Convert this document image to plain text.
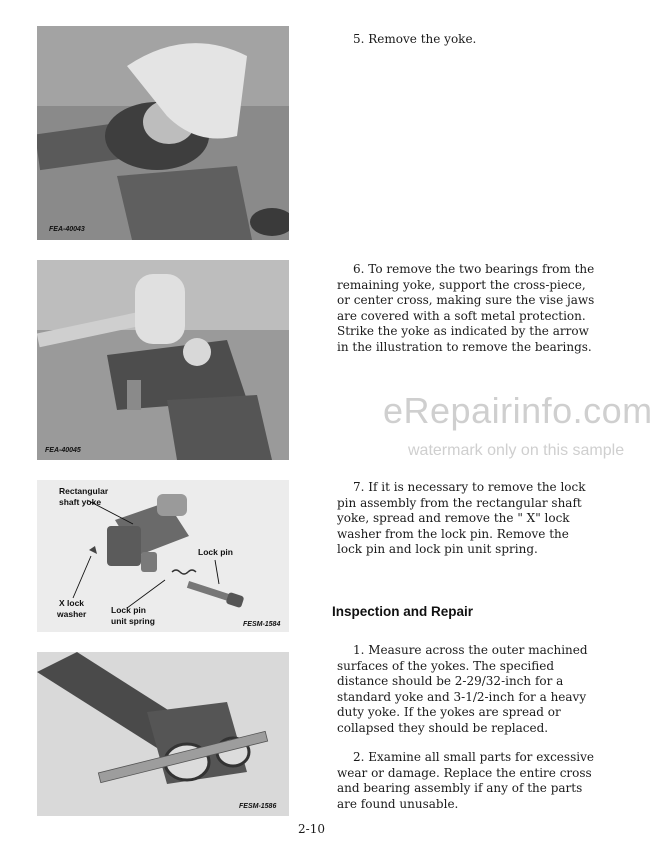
FEA-40043
FEA-40045
Rectangular
shaft yoke
Lock pin
X lock
washer	Lock pin
unit spring	FESM-1584
FESM-1586

5. Remove the yoke.

6. To remove the two bearings from the remaining yoke, support the cross-piece, or center cross, making sure the vise jaws are covered with a soft metal protection. Strike the yoke as indicated by the arrow in the illustration to remove the bearings.

7. If it is necessary to remove the lock pin assembly from the rectangular shaft yoke, spread and remove the " X" lock washer from the lock pin. Remove the lock pin and lock pin unit spring.

Inspection and Repair

1. Measure across the outer machined surfaces of the yokes. The specified distance should be 2-29/32-inch for a standard yoke and 3-1/2-inch for a heavy duty yoke. If the yokes are spread or collapsed they should be replaced.

2. Examine all small parts for excessive wear or damage. Replace the entire cross and bearing assembly if any of the parts are found unusable.

eRepairinfo.com
watermark only on this sample
2-10
